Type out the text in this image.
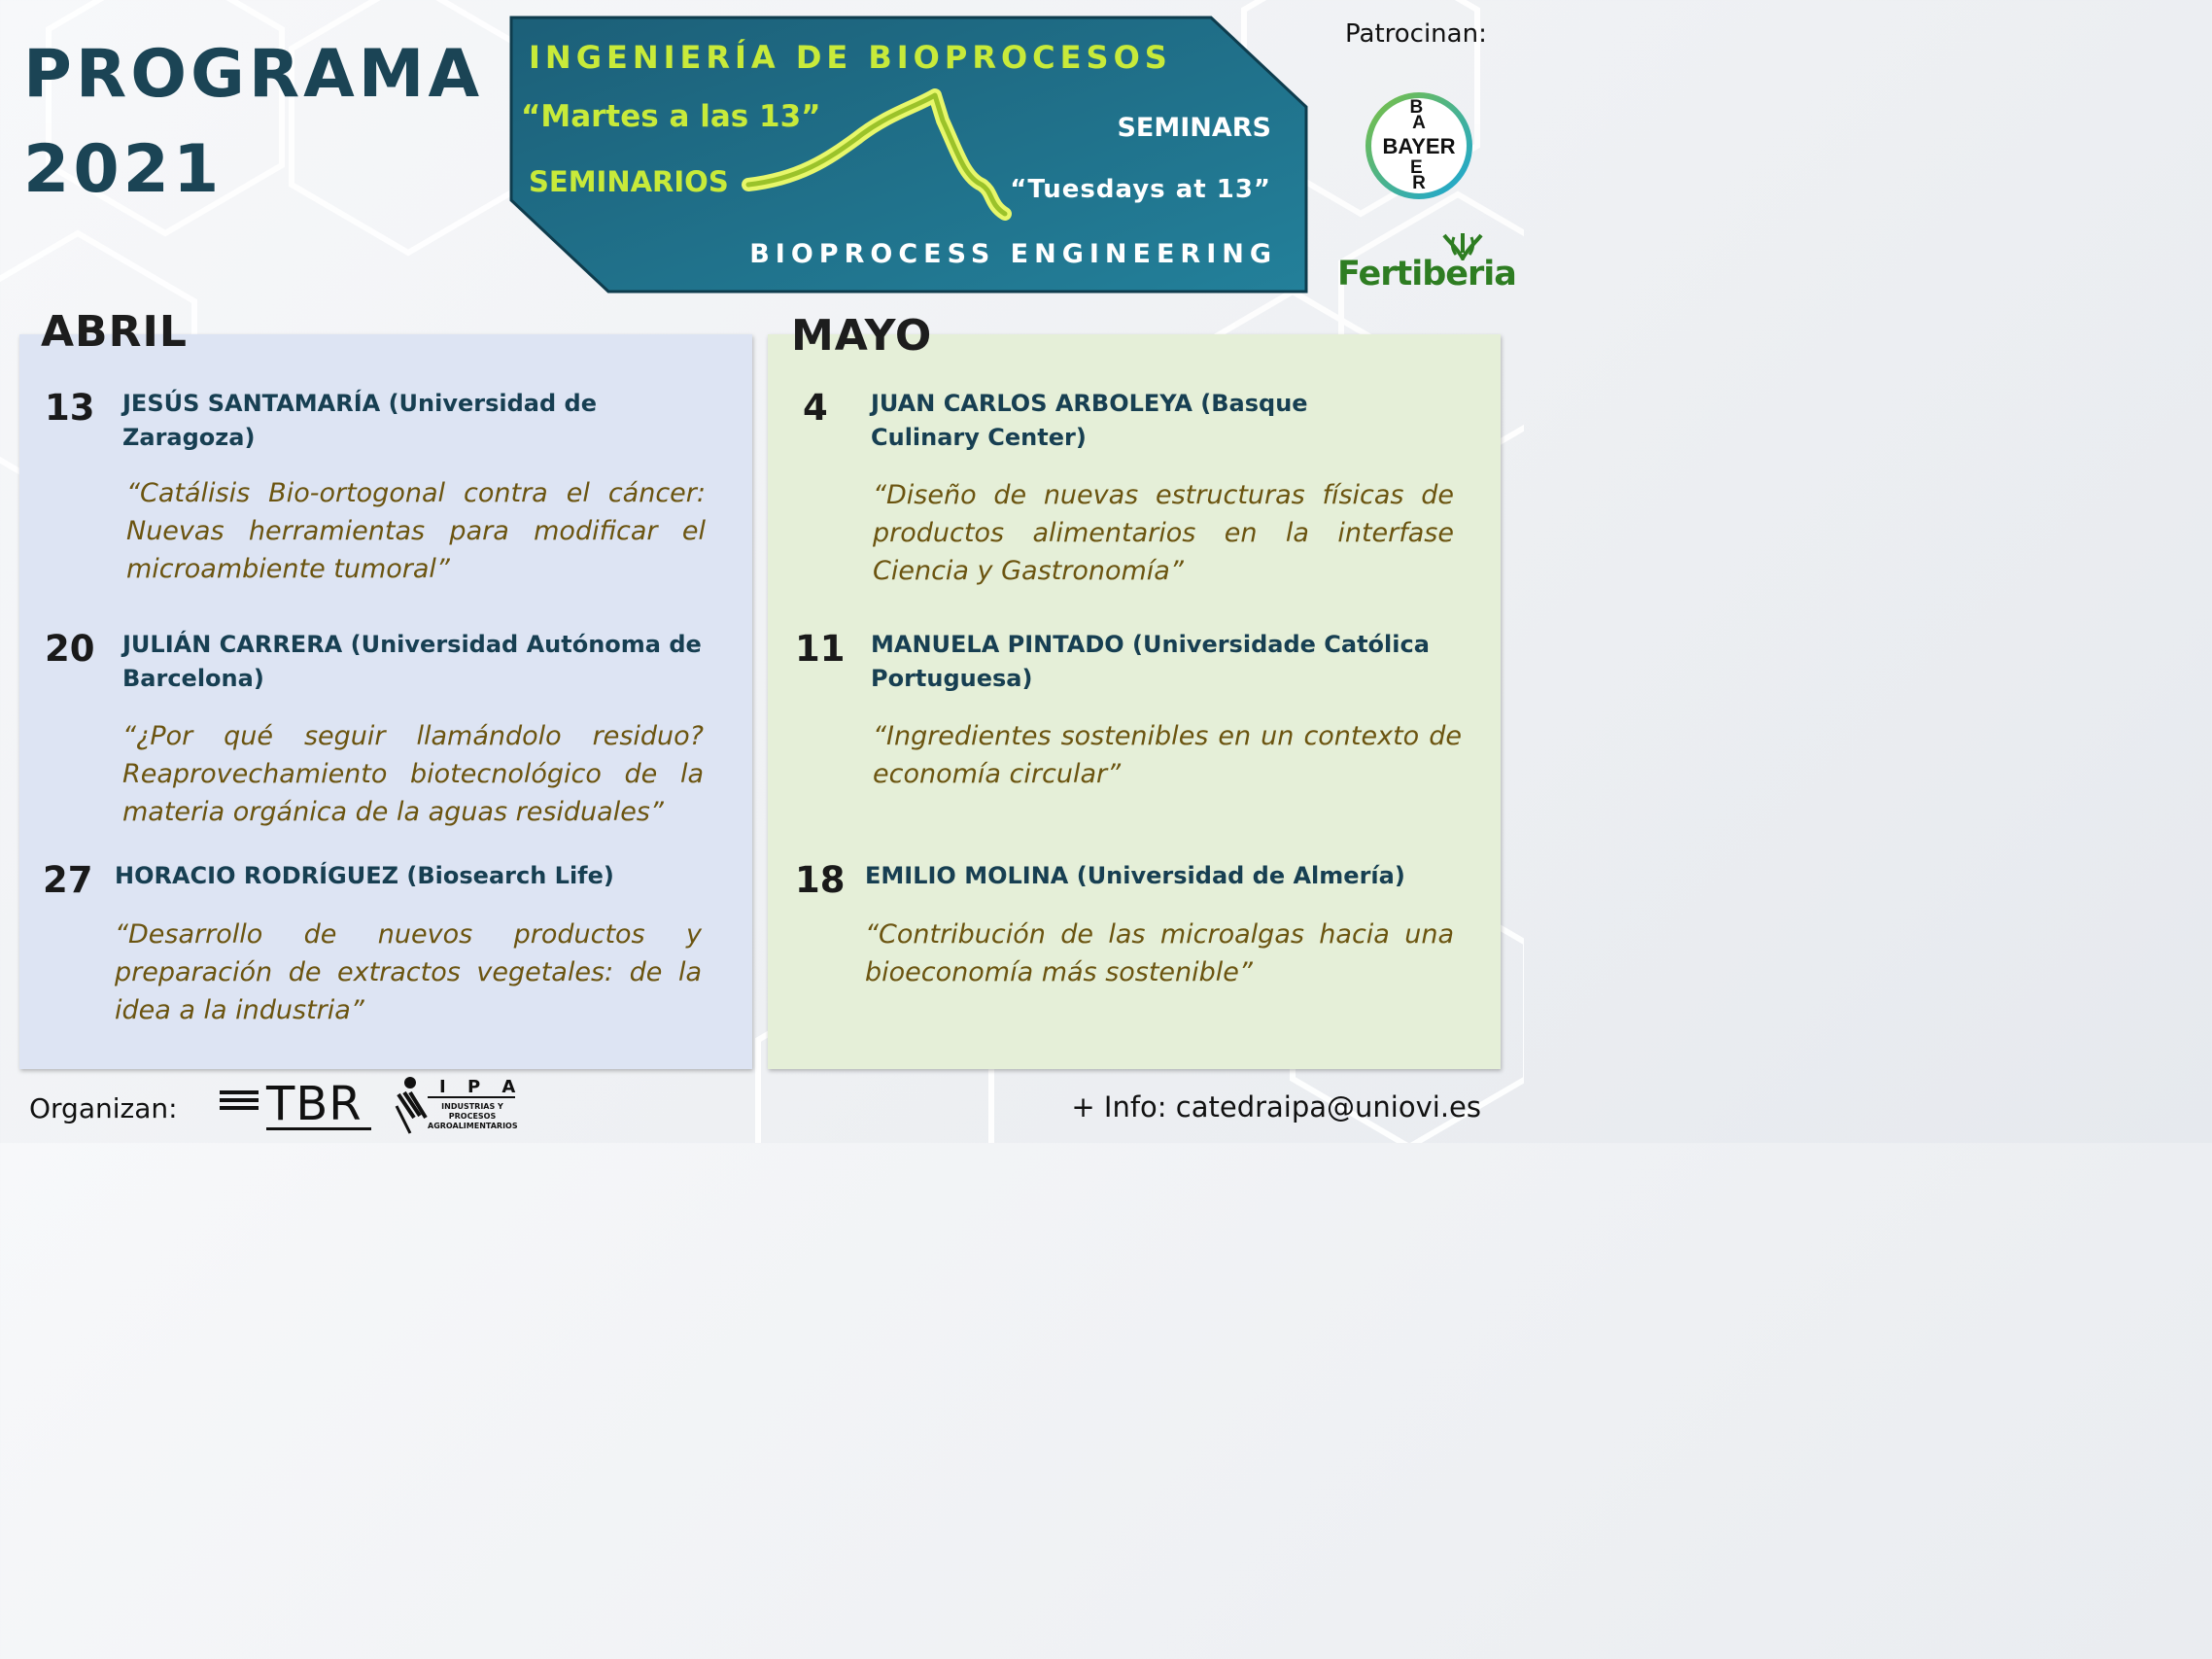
PROGRAMA
2021
INGENIERÍA DE BIOPROCESOS
“Martes a las 13”
SEMINARIOS
SEMINARS
“Tuesdays at 13”
BIOPROCESS ENGINEERING
Patrocinan:
BAYER
B A
E R
Fertiberia
ABRIL
13 JESÚS SANTAMARÍA (Universidad de Zaragoza)

“Catálisis Bio-ortogonal contra el cáncer: Nuevas herramientas para modificar el microambiente tumoral”

20 JULIÁN CARRERA (Universidad Autónoma de Barcelona)

“¿Por qué seguir llamándolo residuo? Reaprovechamiento biotecnológico de la materia orgánica de la aguas residuales”

27 HORACIO RODRÍGUEZ (Biosearch Life)

“Desarrollo de nuevos productos y preparación de extractos vegetales: de la idea a la industria”

MAYO
4 JUAN CARLOS ARBOLEYA (Basque Culinary Center)

“Diseño de nuevas estructuras físicas de productos alimentarios en la interfase Ciencia y Gastronomía”

11 MANUELA PINTADO (Universidade Católica Portuguesa)

“Ingredientes sostenibles en un contexto de economía circular”

18 EMILIO MOLINA (Universidad de Almería)

“Contribución de las microalgas hacia una bioeconomía más sostenible”

Organizan: TBR	I P A
INDUSTRIAS Y PROCESOS AGROALIMENTARIOS
+ Info: catedraipa@uniovi.es
